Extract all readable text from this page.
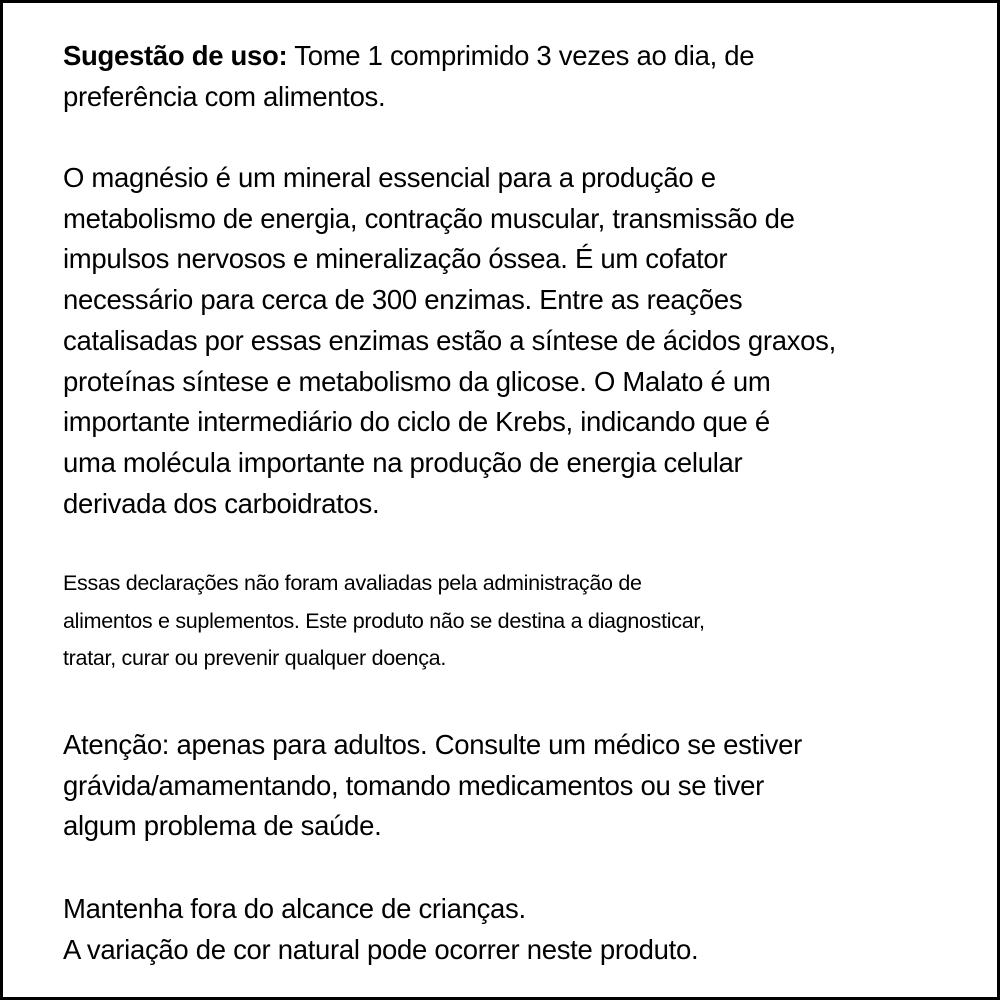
Sugestão de uso: Tome 1 comprimido 3 vezes ao dia, de
preferência com alimentos.

O magnésio é um mineral essencial para a produção e
metabolismo de energia, contração muscular, transmissão de
impulsos nervosos e mineralização óssea. É um cofator
necessário para cerca de 300 enzimas. Entre as reações
catalisadas por essas enzimas estão a síntese de ácidos graxos,
proteínas síntese e metabolismo da glicose. O Malato é um
importante intermediário do ciclo de Krebs, indicando que é
uma molécula importante na produção de energia celular
derivada dos carboidratos.

Essas declarações não foram avaliadas pela administração de
alimentos e suplementos. Este produto não se destina a diagnosticar,
tratar, curar ou prevenir qualquer doença.

Atenção: apenas para adultos. Consulte um médico se estiver
grávida/amamentando, tomando medicamentos ou se tiver
algum problema de saúde.

Mantenha fora do alcance de crianças.
A variação de cor natural pode ocorrer neste produto.
